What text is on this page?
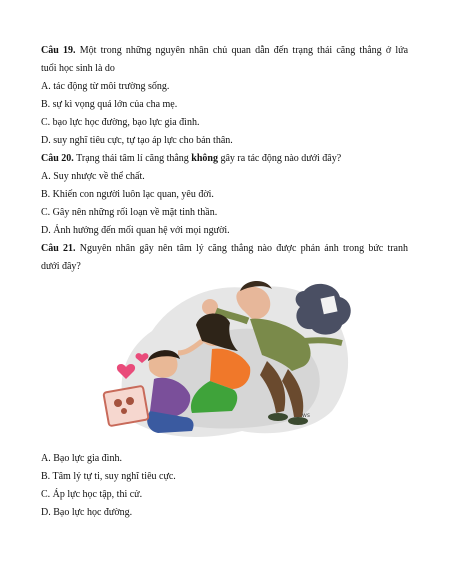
Câu 19. Một trong những nguyên nhân chủ quan dẫn đến trạng thái căng thẳng ở lứa
tuổi học sinh là do
A. tác động từ môi trường sống.
B. sự kì vọng quá lớn của cha mẹ.
C. bạo lực học đường, bạo lực gia đình.
D. suy nghĩ tiêu cực, tự tạo áp lực cho bản thân.
Câu 20. Trạng thái tâm lí căng thẳng không gây ra tác động nào dưới đây?
A. Suy nhược về thể chất.
B. Khiến con người luôn lạc quan, yêu đời.
C. Gây nên những rối loạn về mặt tinh thần.
D. Ảnh hưởng đến mối quan hệ với mọi người.
Câu 21. Nguyên nhân gây nên tâm lý căng thẳng nào được phản ánh trong bức tranh
dưới đây?
ws
A. Bạo lực gia đình.
B. Tâm lý tự ti, suy nghĩ tiêu cực.
C. Áp lực học tập, thi cử.
D. Bạo lực học đường.
